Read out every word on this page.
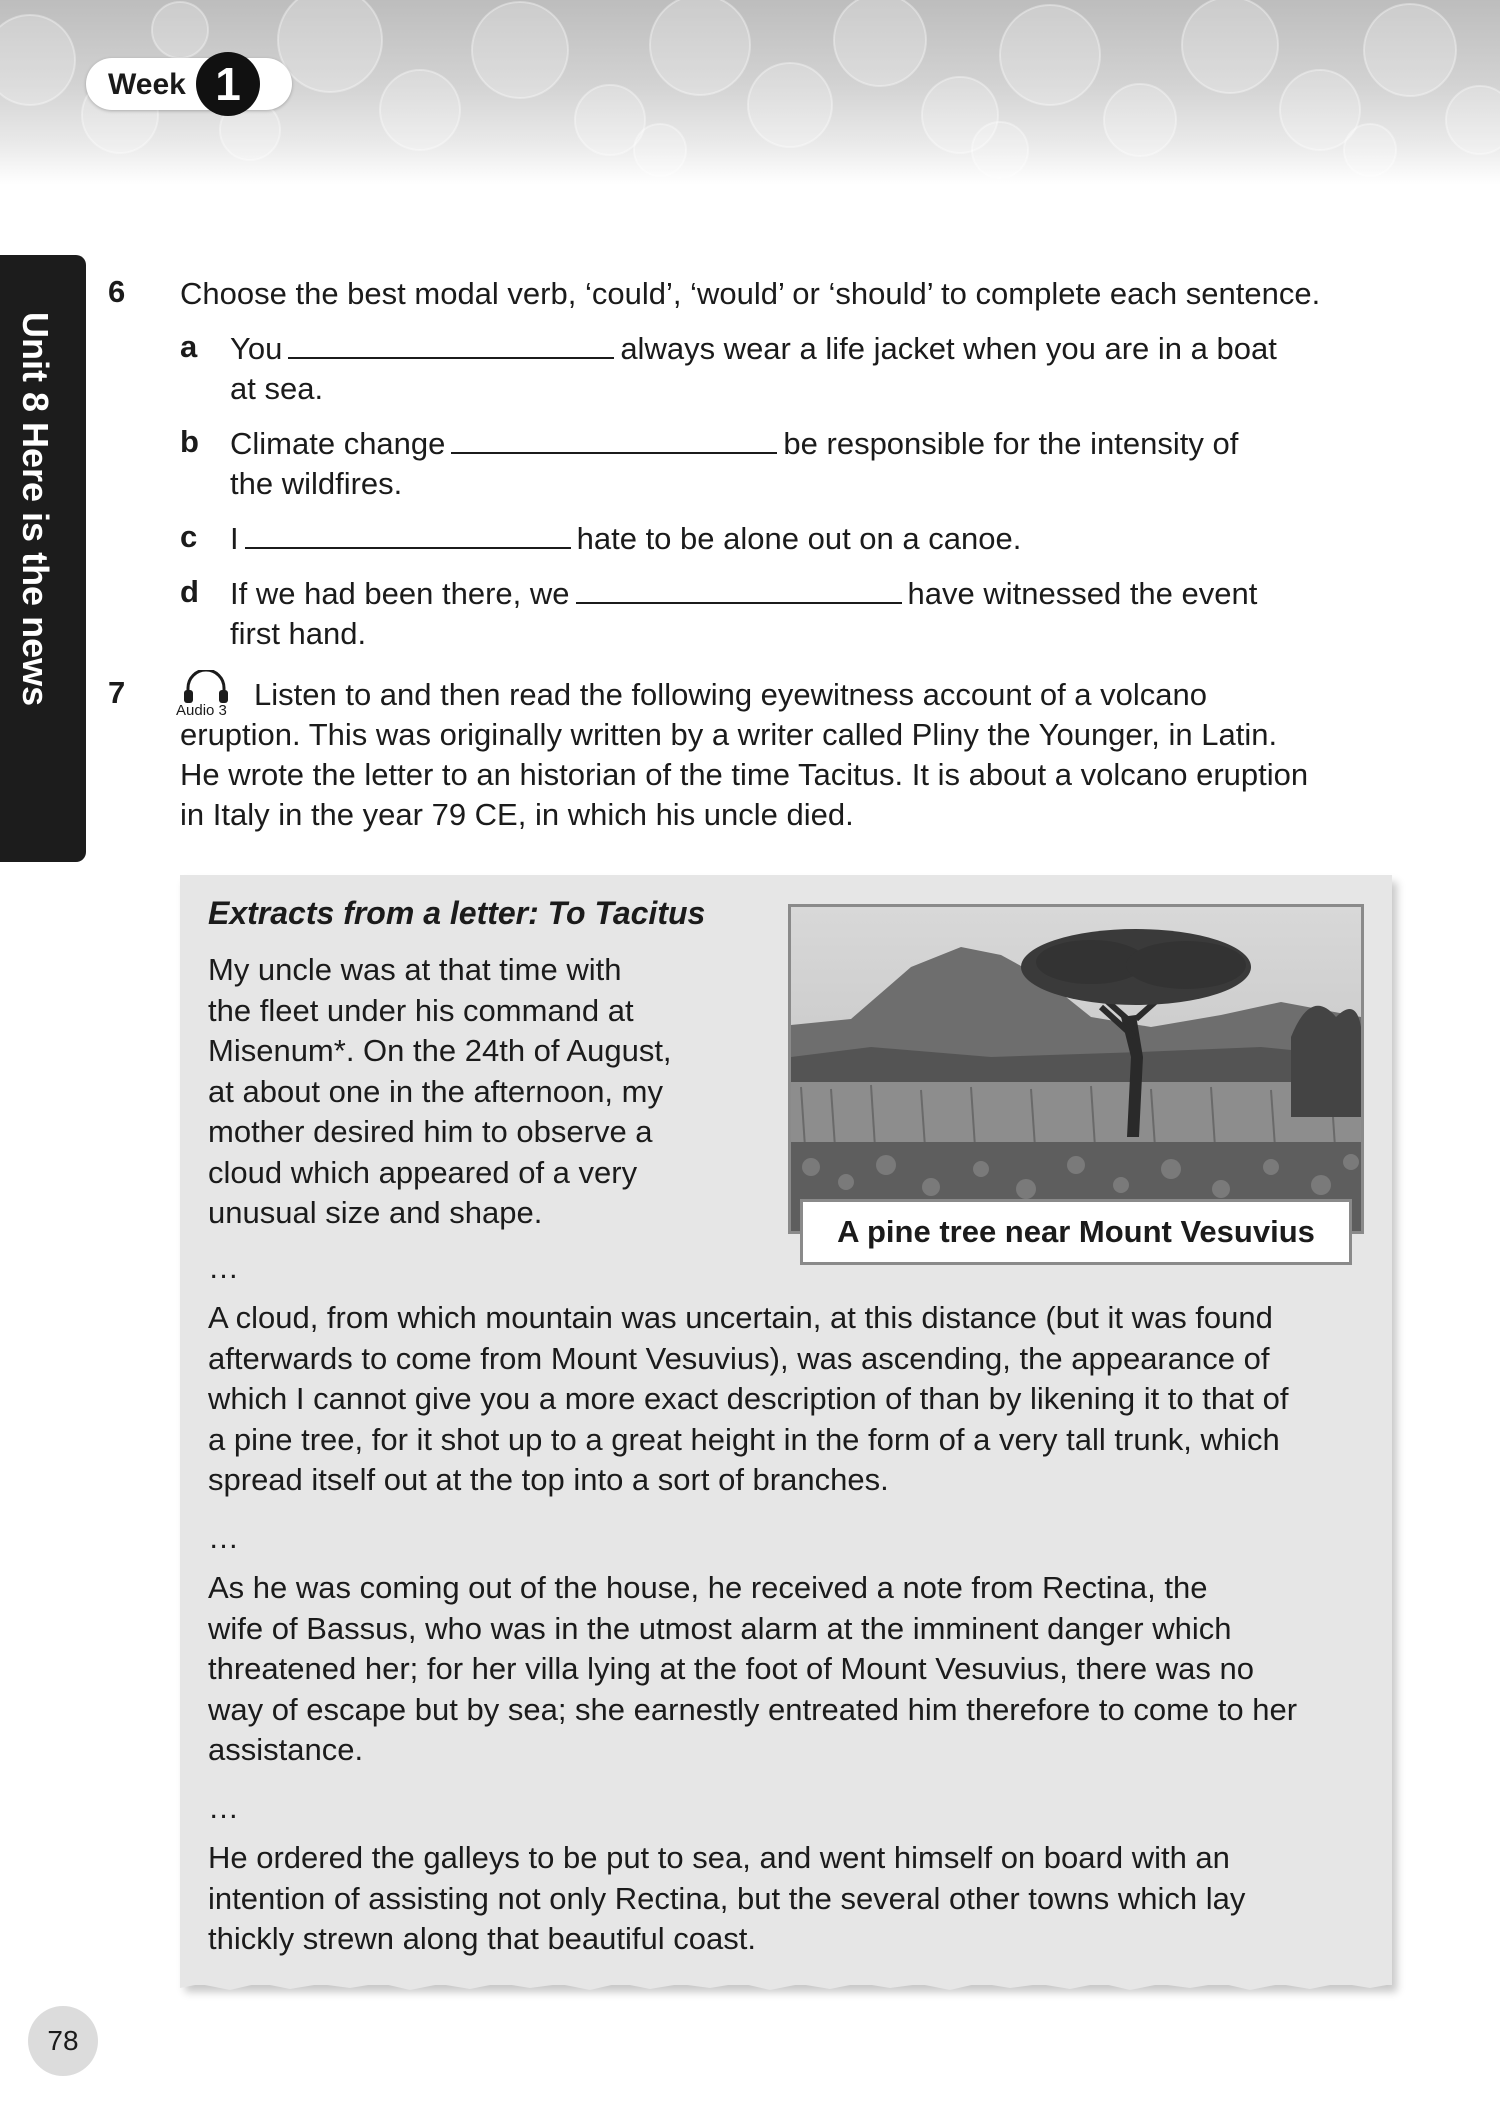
Week 1
Unit 8 Here is the news
6 Choose the best modal verb, ‘could’, ‘would’ or ‘should’ to complete each sentence.
a You	always wear a life jacket when you are in a boat
at sea.
b Climate change	be responsible for the intensity of
the wildfires.
c I	hate to be alone out on a canoe.
d If we had been there, we	have witnessed the event
first hand.
7
Audio 3 Listen to and then read the following eyewitness account of a volcano
eruption. This was originally written by a writer called Pliny the Younger, in Latin.
He wrote the letter to an historian of the time Tacitus. It is about a volcano eruption
in Italy in the year 79 CE, in which his uncle died.
Extracts from a letter: To Tacitus
My uncle was at that time with
the fleet under his command at
Misenum*. On the 24th of August,
at about one in the afternoon, my
mother desired him to observe a
cloud which appeared of a very
unusual size and shape.
A pine tree near Mount Vesuvius
…
A cloud, from which mountain was uncertain, at this distance (but it was found
afterwards to come from Mount Vesuvius), was ascending, the appearance of
which I cannot give you a more exact description of than by likening it to that of
a pine tree, for it shot up to a great height in the form of a very tall trunk, which
spread itself out at the top into a sort of branches.
…
As he was coming out of the house, he received a note from Rectina, the
wife of Bassus, who was in the utmost alarm at the imminent danger which
threatened her; for her villa lying at the foot of Mount Vesuvius, there was no
way of escape but by sea; she earnestly entreated him therefore to come to her
assistance.
…
He ordered the galleys to be put to sea, and went himself on board with an
intention of assisting not only Rectina, but the several other towns which lay
thickly strewn along that beautiful coast.
78
